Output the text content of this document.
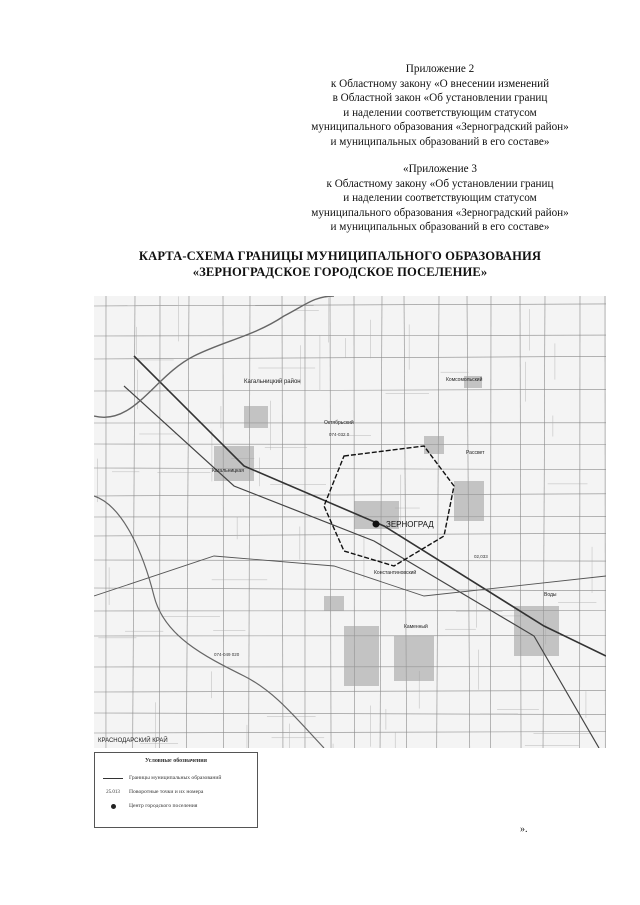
Приложение 2
к Областному закону «О внесении изменений
в Областной закон «Об установлении границ
и наделении соответствующим статусом
муниципального образования «Зерноградский район»
и муниципальных образований в его составе»
«Приложение 3
к Областному закону «Об установлении границ
и наделении соответствующим статусом
муниципального образования «Зерноградский район»
и муниципальных образований в его составе»
КАРТА-СХЕМА ГРАНИЦЫ МУНИЦИПАЛЬНОГО ОБРАЗОВАНИЯ
«ЗЕРНОГРАДСКОЕ ГОРОДСКОЕ ПОСЕЛЕНИЕ»
ЗЕРНОГРАД
Кагальницкий район
КРАСНОДАРСКИЙ КРАЙ
Кагальницкая
Комсомольский
Рассвет
Октябрьский
Каменный
Константиновский
Воды
074-032 0
02,033
074-049 020
Условные обозначения
Границы муниципальных образований
25.013	Поворотные точки и их номера
Центр городского поселения
».
